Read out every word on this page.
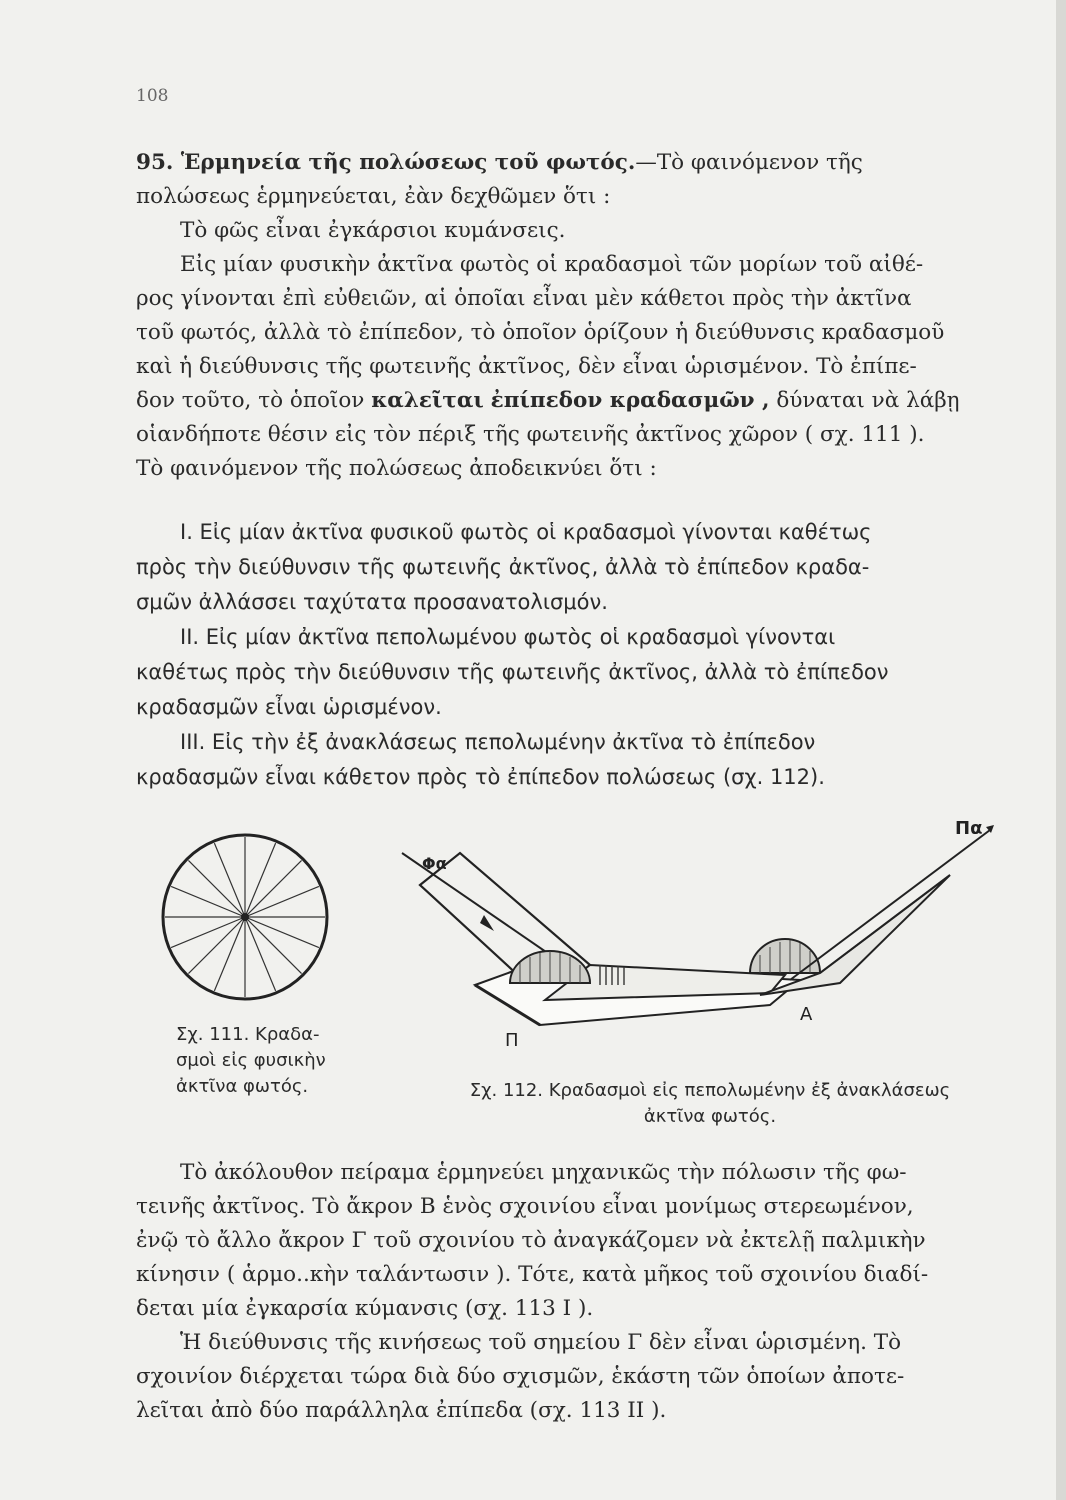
108
95. Ἑρμηνεία τῆς πολώσεως τοῦ φωτός.—Τὸ φαινόμενον τῆς
πολώσεως ἑρμηνεύεται, ἐὰν δεχθῶμεν ὅτι :
Τὸ φῶς εἶναι ἐγκάρσιοι κυμάνσεις.
Εἰς μίαν φυσικὴν ἀκτῖνα φωτὸς οἱ κραδασμοὶ τῶν μορίων τοῦ αἰθέ-
ρος γίνονται ἐπὶ εὐθειῶν, αἱ ὁποῖαι εἶναι μὲν κάθετοι πρὸς τὴν ἀκτῖνα
τοῦ φωτός, ἀλλὰ τὸ ἐπίπεδον, τὸ ὁποῖον ὁρίζουν ἡ διεύθυνσις κραδασμοῦ
καὶ ἡ διεύθυνσις τῆς φωτεινῆς ἀκτῖνος, δὲν εἶναι ὡρισμένον. Τὸ ἐπίπε-
δον τοῦτο, τὸ ὁποῖον καλεῖται ἐπίπεδον κραδασμῶν , δύναται νὰ λάβῃ
οἱανδήποτε θέσιν εἰς τὸν πέριξ τῆς φωτεινῆς ἀκτῖνος χῶρον ( σχ. 111 ).
Τὸ φαινόμενον τῆς πολώσεως ἀποδεικνύει ὅτι :
I. Εἰς μίαν ἀκτῖνα φυσικοῦ φωτὸς οἱ κραδασμοὶ γίνονται καθέτως
πρὸς τὴν διεύθυνσιν τῆς φωτεινῆς ἀκτῖνος, ἀλλὰ τὸ ἐπίπεδον κραδα-
σμῶν ἀλλάσσει ταχύτατα προσανατολισμόν.
II. Εἰς μίαν ἀκτῖνα πεπολωμένου φωτὸς οἱ κραδασμοὶ γίνονται
καθέτως πρὸς τὴν διεύθυνσιν τῆς φωτεινῆς ἀκτῖνος, ἀλλὰ τὸ ἐπίπεδον
κραδασμῶν εἶναι ὡρισμένον.
III. Εἰς τὴν ἐξ ἀνακλάσεως πεπολωμένην ἀκτῖνα τὸ ἐπίπεδον
κραδασμῶν εἶναι κάθετον πρὸς τὸ ἐπίπεδον πολώσεως (σχ. 112).
Σχ. 111. Κραδα-
σμοὶ εἰς φυσικὴν
ἀκτῖνα φωτός.
Φα
Πα
Π
Α
Σχ. 112. Κραδασμοὶ εἰς πεπολωμένην ἐξ ἀνακλάσεως
ἀκτῖνα φωτός.
Τὸ ἀκόλουθον πείραμα ἑρμηνεύει μηχανικῶς τὴν πόλωσιν τῆς φω-
τεινῆς ἀκτῖνος. Τὸ ἄκρον Β ἑνὸς σχοινίου εἶναι μονίμως στερεωμένον,
ἐνῷ τὸ ἄλλο ἄκρον Γ τοῦ σχοινίου τὸ ἀναγκάζομεν νὰ ἐκτελῇ παλμικὴν
κίνησιν ( ἁρμο..κὴν ταλάντωσιν ). Τότε, κατὰ μῆκος τοῦ σχοινίου διαδί-
δεται μία ἐγκαρσία κύμανσις (σχ. 113 I ).
Ἡ διεύθυνσις τῆς κινήσεως τοῦ σημείου Γ δὲν εἶναι ὡρισμένη. Τὸ
σχοινίον διέρχεται τώρα διὰ δύο σχισμῶν, ἑκάστη τῶν ὁποίων ἀποτε-
λεῖται ἀπὸ δύο παράλληλα ἐπίπεδα (σχ. 113 II ).
